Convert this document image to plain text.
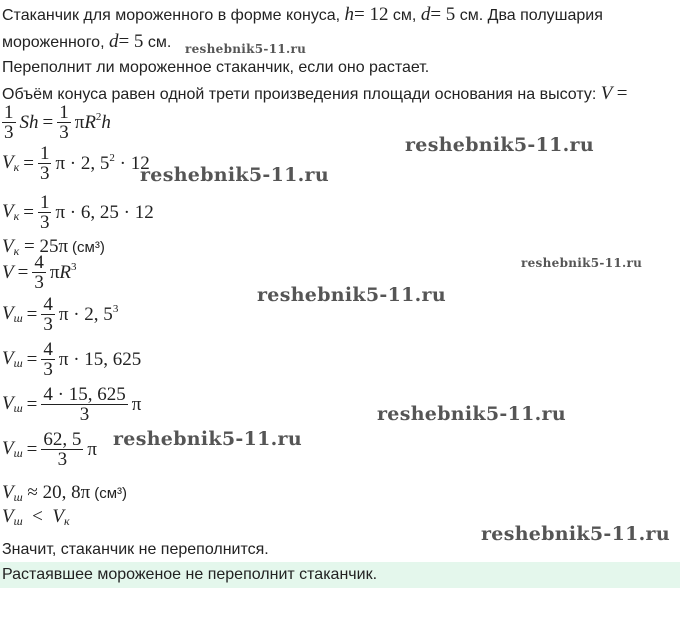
Стаканчик для мороженного в форме конуса, h= 12 см, d= 5 см. Два полушария
мороженного, d= 5 см.
Переполнит ли мороженное стаканчик, если оно растает.
Объём конуса равен одной трети произведения площади основания на высоту: V =
$\frac{1}{3}$ $Sh = \frac{1}{3} \pi R^2h$
$V_к = \frac{1}{3}$ π · 2, $5^2 \cdot 12$
$V_к = \frac{1}{3}$ π · 6, 25 · 12
$V_к = 25\pi$ (см³)
$V = \frac{4}{3} \pi R^3$
$V_ш = \frac{4}{3}$ π · 2, $5^3$
$V_ш = \frac{4}{3}$ π · 15, 625
$V_ш = \frac{4 \cdot 15, 625}{3}$ π
$V_ш = \frac{62, 5}{3}$ π
$V_ш \approx 20$, 8π (см³)
$V_ш < V_к$
Значит, стаканчик не переполнится.
Растаявшее мороженое не переполнит стаканчик.
reshebnik5-11.ru
reshebnik5-11.ru
reshebnik5-11.ru
reshebnik5-11.ru
reshebnik5-11.ru
reshebnik5-11.ru
reshebnik5-11.ru
reshebnik5-11.ru
